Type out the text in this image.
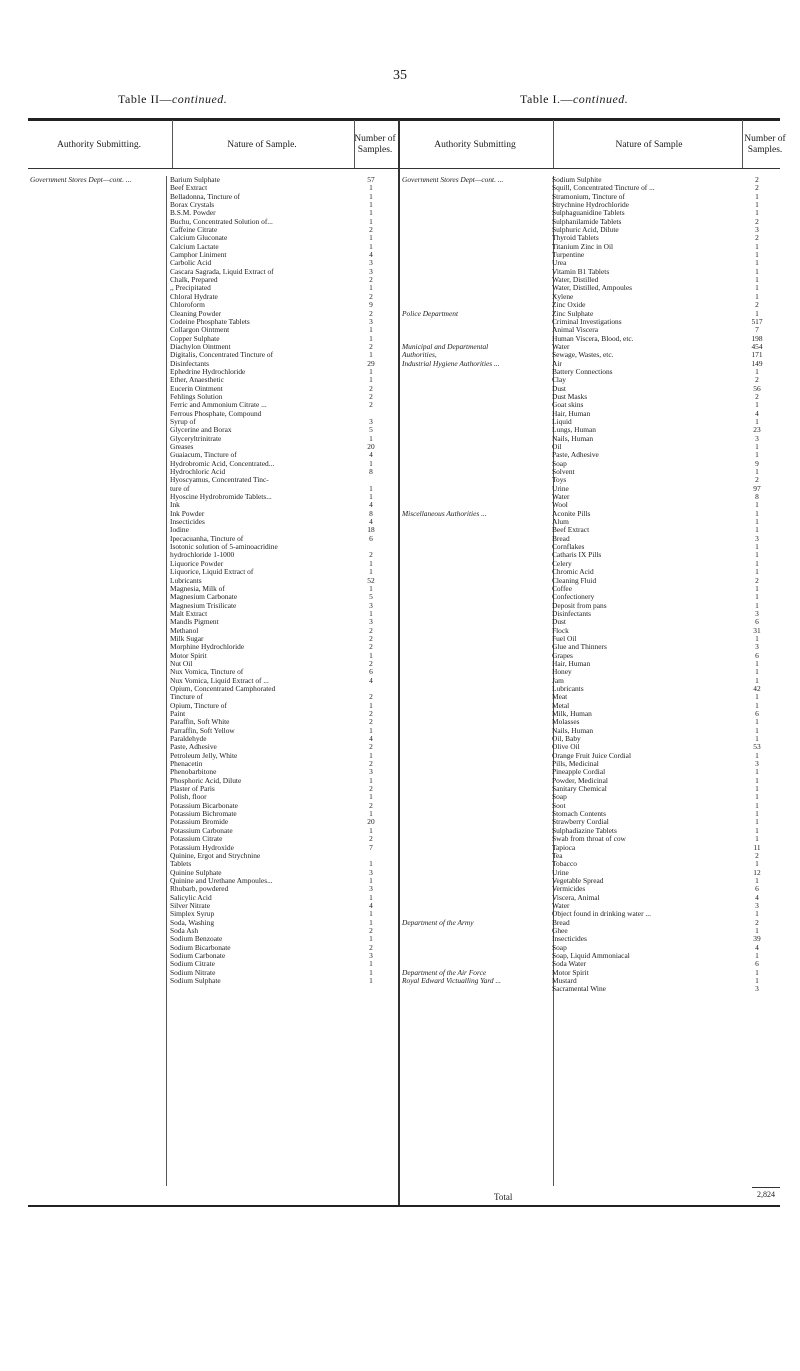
35
Table II—continued.	Table I.—continued.
Authority Submitting.	Nature of Sample.
Number of Samples.
Authority Submitting	Nature of Sample
Number of Samples.
Government Stores Dept—cont. ...	Barium Sulphate	57
Beef Extract	1
Belladonna, Tincture of	1
Borax Crystals	1
B.S.M. Powder	1
Buchu, Concentrated Solution of...	1
Caffeine Citrate	2
Calcium Gluconate	1
Calcium Lactate	1
Camphor Liniment	4
Carbolic Acid	3
Cascara Sagrada, Liquid Extract of	3
Chalk, Prepared	2
,, Precipitated	1
Chloral Hydrate	2
Chloroform	9
Cleaning Powder	2
Codeine Phosphate Tablets	3
Collargon Ointment	1
Copper Sulphate	1
Diachylon Ointment	2
Digitalis, Concentrated Tincture of	1
Disinfectants	29
Ephedrine Hydrochloride	1
Ether, Anaesthetic	1
Eucerin Ointment	2
Fehlings Solution	2
Ferric and Ammonium Citrate ...	2
Ferrous Phosphate, Compound
Syrup of	3
Glycerine and Borax	5
Glyceryltrinitrate	1
Greases	20
Guaiacum, Tincture of	4
Hydrobromic Acid, Concentrated...	1
Hydrochloric Acid	8
Hyoscyamus, Concentrated Tinc-
ture of	1
Hyoscine Hydrobromide Tablets...	1
Ink	4
Ink Powder	8
Insecticides	4
Iodine	18
Ipecacuanha, Tincture of	6
Isotonic solution of 5-aminoacridine
hydrochloride 1-1000	2
Liquorice Powder	1
Liquorice, Liquid Extract of	1
Lubricants	52
Magnesia, Milk of	1
Magnesium Carbonate	5
Magnesium Trisilicate	3
Malt Extract	1
Mandls Pigment	3
Methanol	2
Milk Sugar	2
Morphine Hydrochloride	2
Motor Spirit	1
Nut Oil	2
Nux Vomica, Tincture of	6
Nux Vomica, Liquid Extract of ...	4
Opium, Concentrated Camphorated
Tincture of	2
Opium, Tincture of	1
Paint	2
Paraffin, Soft White	2
Parraffin, Soft Yellow	1
Paraldehyde	4
Paste, Adhesive	2
Petroleum Jelly, White	1
Phenacetin	2
Phenobarbitone	3
Phosphoric Acid, Dilute	1
Plaster of Paris	2
Polish, floor	1
Potassium Bicarbonate	2
Potassium Bichromate	1
Potassium Bromide	20
Potassium Carbonate	1
Potassium Citrate	2
Potassium Hydroxide	7
Quinine, Ergot and Strychnine
Tablets	1
Quinine Sulphate	3
Quinine and Urethane Ampoules...	1
Rhubarb, powdered	3
Salicylic Acid	1
Silver Nitrate	4
Simplex Syrup	1
Soda, Washing	1
Soda Ash	2
Sodium Benzoate	1
Sodium Bicarbonate	2
Sodium Carbonate	3
Sodium Citrate	1
Sodium Nitrate	1
Sodium Sulphate	1
Government Stores Dept—cont. ...	Sodium Sulphite	2
Squill, Concentrated Tincture of ...	2
Stramonium, Tincture of	1
Strychnine Hydrochloride	1
Sulphaguanidine Tablets	1
Sulphanilamide Tablets	2
Sulphuric Acid, Dilute	3
Thyroid Tablets	2
Titanium Zinc in Oil	1
Turpentine	1
Urea	1
Vitamin B1 Tablets	1
Water, Distilled	1
Water, Distilled, Ampoules	1
Xylene	1
Zinc Oxide	2
Police Department	Zinc Sulphate	1
Criminal Investigations	517
Animal Viscera	7
Human Viscera, Blood, etc.	198
Municipal and Departmental	Water	454
Authorities,	Sewage, Wastes, etc.	171
Industrial Hygiene Authorities ...	Air	149
Battery Connections	1
Clay	2
Dust	56
Dust Masks	2
Goat skins	1
Hair, Human	4
Liquid	1
Lungs, Human	23
Nails, Human	3
Oil	1
Paste, Adhesive	1
Soap	9
Solvent	1
Toys	2
Urine	97
Water	8
Wool	1
Miscellaneous Authorities ...	Aconite Pills	1
Alum	1
Beef Extract	1
Bread	3
Cornflakes	1
Catharis IX Pills	1
Celery	1
Chromic Acid	1
Cleaning Fluid	2
Coffee	1
Confectionery	1
Deposit from pans	1
Disinfectants	3
Dust	6
Flock	31
Fuel Oil	1
Glue and Thinners	3
Grapes	6
Hair, Human	1
Honey	1
Jam	1
Lubricants	42
Meat	1
Metal	1
Milk, Human	6
Molasses	1
Nails, Human	1
Oil, Baby	1
Olive Oil	53
Orange Fruit Juice Cordial	1
Pills, Medicinal	3
Pineapple Cordial	1
Powder, Medicinal	1
Sanitary Chemical	1
Soap	1
Soot	1
Stomach Contents	1
Strawberry Cordial	1
Sulphadiazine Tablets	1
Swab from throat of cow	1
Tapioca	11
Tea	2
Tobacco	1
Urine	12
Vegetable Spread	1
Vermicides	6
Viscera, Animal	4
Water	3
Object found in drinking water ...	1
Department of the Army	Bread	2
Ghee	1
Insecticides	39
Soap	4
Soap, Liquid Ammoniacal	1
Soda Water	6
Department of the Air Force	Motor Spirit	1
Royal Edward Victualling Yard ...	Mustard	1
Sacramental Wine	3
Total	2,824
